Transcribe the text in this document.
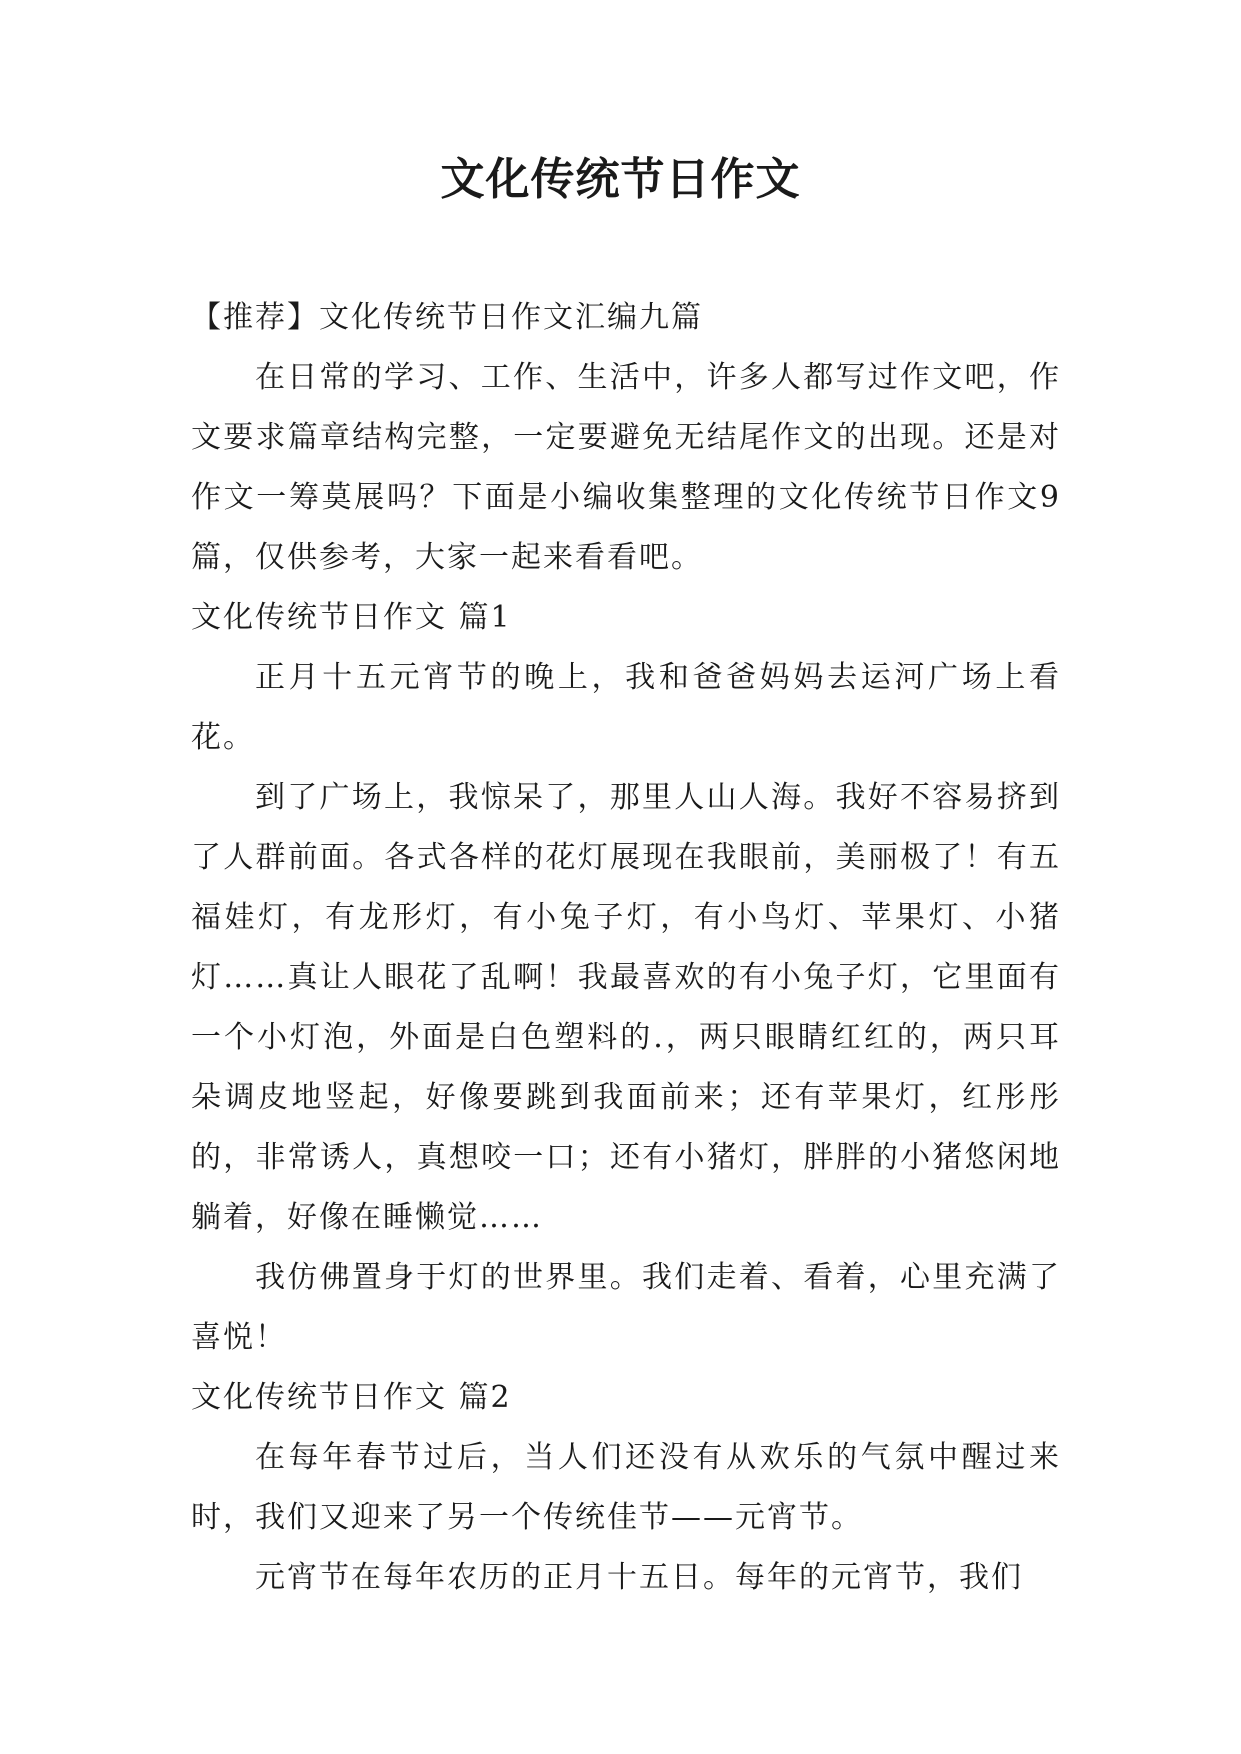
文化传统节日作文

【推荐】文化传统节日作文汇编九篇

在日常的学习、工作、生活中，许多人都写过作文吧，作文要求篇章结构完整，一定要避免无结尾作文的出现。还是对作文一筹莫展吗？下面是小编收集整理的文化传统节日作文9篇，仅供参考，大家一起来看看吧。

文化传统节日作文 篇1

正月十五元宵节的晚上，我和爸爸妈妈去运河广场上看花。

到了广场上，我惊呆了，那里人山人海。我好不容易挤到了人群前面。各式各样的花灯展现在我眼前，美丽极了！有五福娃灯，有龙形灯，有小兔子灯，有小鸟灯、苹果灯、小猪灯……真让人眼花了乱啊！我最喜欢的有小兔子灯，它里面有一个小灯泡，外面是白色塑料的.，两只眼睛红红的，两只耳朵调皮地竖起，好像要跳到我面前来；还有苹果灯，红彤彤的，非常诱人，真想咬一口；还有小猪灯，胖胖的小猪悠闲地躺着，好像在睡懒觉……

我仿佛置身于灯的世界里。我们走着、看着，心里充满了喜悦！

文化传统节日作文 篇2

在每年春节过后，当人们还没有从欢乐的气氛中醒过来时，我们又迎来了另一个传统佳节——元宵节。

元宵节在每年农历的正月十五日。每年的元宵节，我们
